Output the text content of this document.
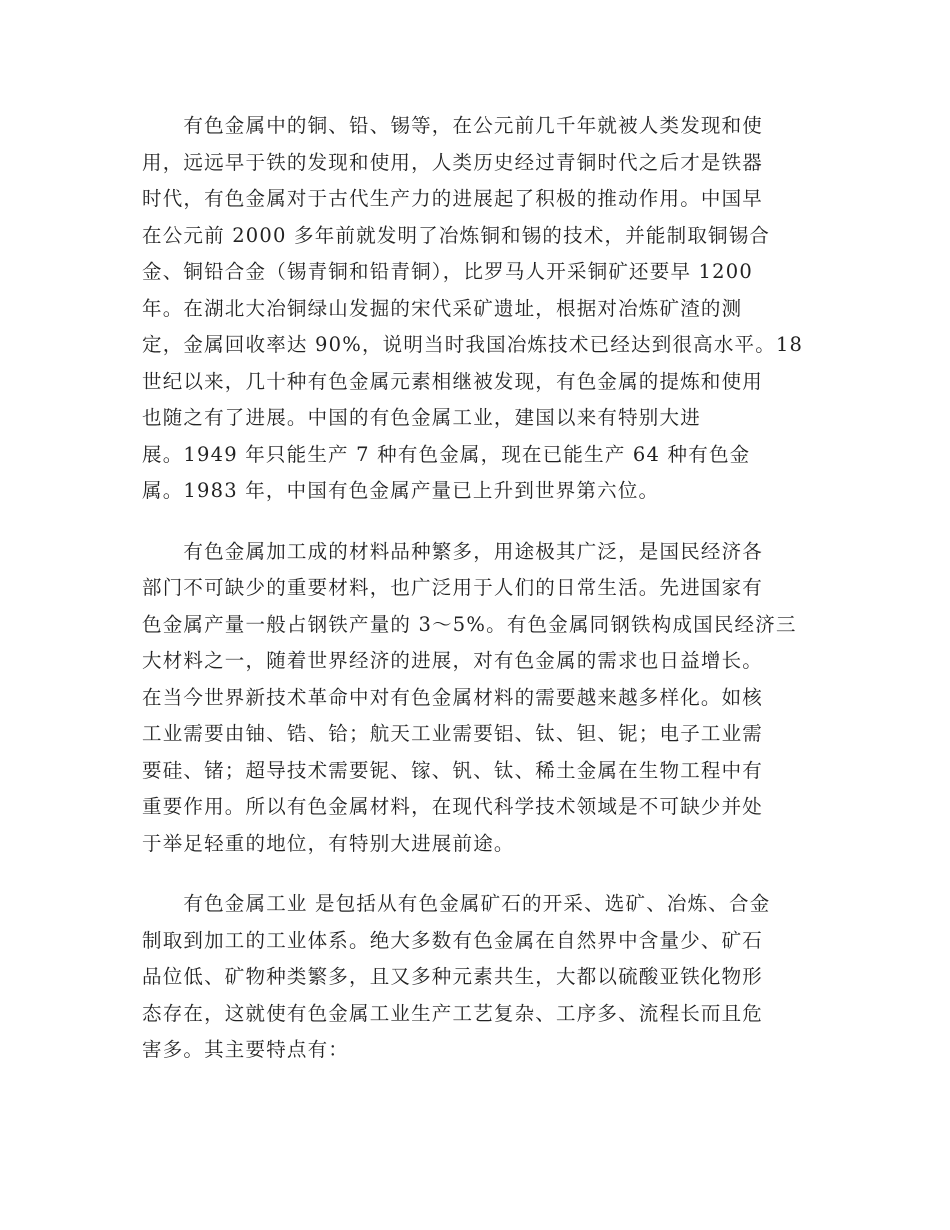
　　有色金属中的铜、铅、锡等，在公元前几千年就被人类发现和使
用，远远早于铁的发现和使用，人类历史经过青铜时代之后才是铁器
时代，有色金属对于古代生产力的进展起了积极的推动作用。中国早
在公元前 2000 多年前就发明了冶炼铜和锡的技术，并能制取铜锡合
金、铜铅合金（锡青铜和铅青铜），比罗马人开采铜矿还要早 1200
年。在湖北大冶铜绿山发掘的宋代采矿遗址，根据对冶炼矿渣的测
定，金属回收率达 90%，说明当时我国冶炼技术已经达到很高水平。18
世纪以来，几十种有色金属元素相继被发现，有色金属的提炼和使用
也随之有了进展。中国的有色金属工业，建国以来有特别大进
展。1949 年只能生产 7 种有色金属，现在已能生产 64 种有色金
属。1983 年，中国有色金属产量已上升到世界第六位。
　　有色金属加工成的材料品种繁多，用途极其广泛，是国民经济各
部门不可缺少的重要材料，也广泛用于人们的日常生活。先进国家有
色金属产量一般占钢铁产量的 3～5%。有色金属同钢铁构成国民经济三
大材料之一，随着世界经济的进展，对有色金属的需求也日益增长。
在当今世界新技术革命中对有色金属材料的需要越来越多样化。如核
工业需要由铀、锆、铪；航天工业需要铝、钛、钽、铌；电子工业需
要硅、锗；超导技术需要铌、镓、钒、钛、稀土金属在生物工程中有
重要作用。所以有色金属材料，在现代科学技术领域是不可缺少并处
于举足轻重的地位，有特别大进展前途。
　　有色金属工业 是包括从有色金属矿石的开采、选矿、冶炼、合金
制取到加工的工业体系。绝大多数有色金属在自然界中含量少、矿石
品位低、矿物种类繁多，且又多种元素共生，大都以硫酸亚铁化物形
态存在，这就使有色金属工业生产工艺复杂、工序多、流程长而且危
害多。其主要特点有：
